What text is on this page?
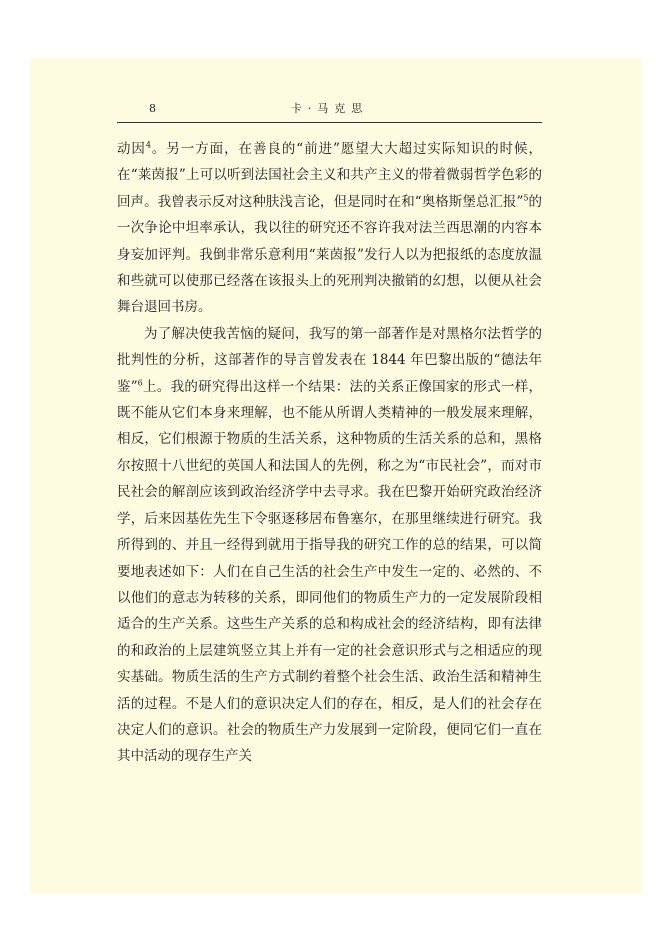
8	卡·马克思

动因$^4$。另一方面，在善良的“前进”愿望大大超过实际知识的时候，在“莱茵报”上可以听到法国社会主义和共产主义的带着微弱哲学色彩的回声。我曾表示反对这种肤浅言论，但是同时在和“奥格斯堡总汇报”$^5$的一次争论中坦率承认，我以往的研究还不容许我对法兰西思潮的内容本身妄加评判。我倒非常乐意利用“莱茵报”发行人以为把报纸的态度放温和些就可以使那已经落在该报头上的死刑判决撤销的幻想，以便从社会舞台退回书房。

为了解决使我苦恼的疑问，我写的第一部著作是对黑格尔法哲学的批判性的分析，这部著作的导言曾发表在 1844 年巴黎出版的“德法年鉴”$^6$上。我的研究得出这样一个结果：法的关系正像国家的形式一样，既不能从它们本身来理解，也不能从所谓人类精神的一般发展来理解，相反，它们根源于物质的生活关系，这种物质的生活关系的总和，黑格尔按照十八世纪的英国人和法国人的先例，称之为“市民社会”，而对市民社会的解剖应该到政治经济学中去寻求。我在巴黎开始研究政治经济学，后来因基佐先生下令驱逐移居布鲁塞尔，在那里继续进行研究。我所得到的、并且一经得到就用于指导我的研究工作的总的结果，可以简要地表述如下：人们在自己生活的社会生产中发生一定的、必然的、不以他们的意志为转移的关系，即同他们的物质生产力的一定发展阶段相适合的生产关系。这些生产关系的总和构成社会的经济结构，即有法律的和政治的上层建筑竖立其上并有一定的社会意识形式与之相适应的现实基础。物质生活的生产方式制约着整个社会生活、政治生活和精神生活的过程。不是人们的意识决定人们的存在，相反，是人们的社会存在决定人们的意识。社会的物质生产力发展到一定阶段，便同它们一直在其中活动的现存生产关
